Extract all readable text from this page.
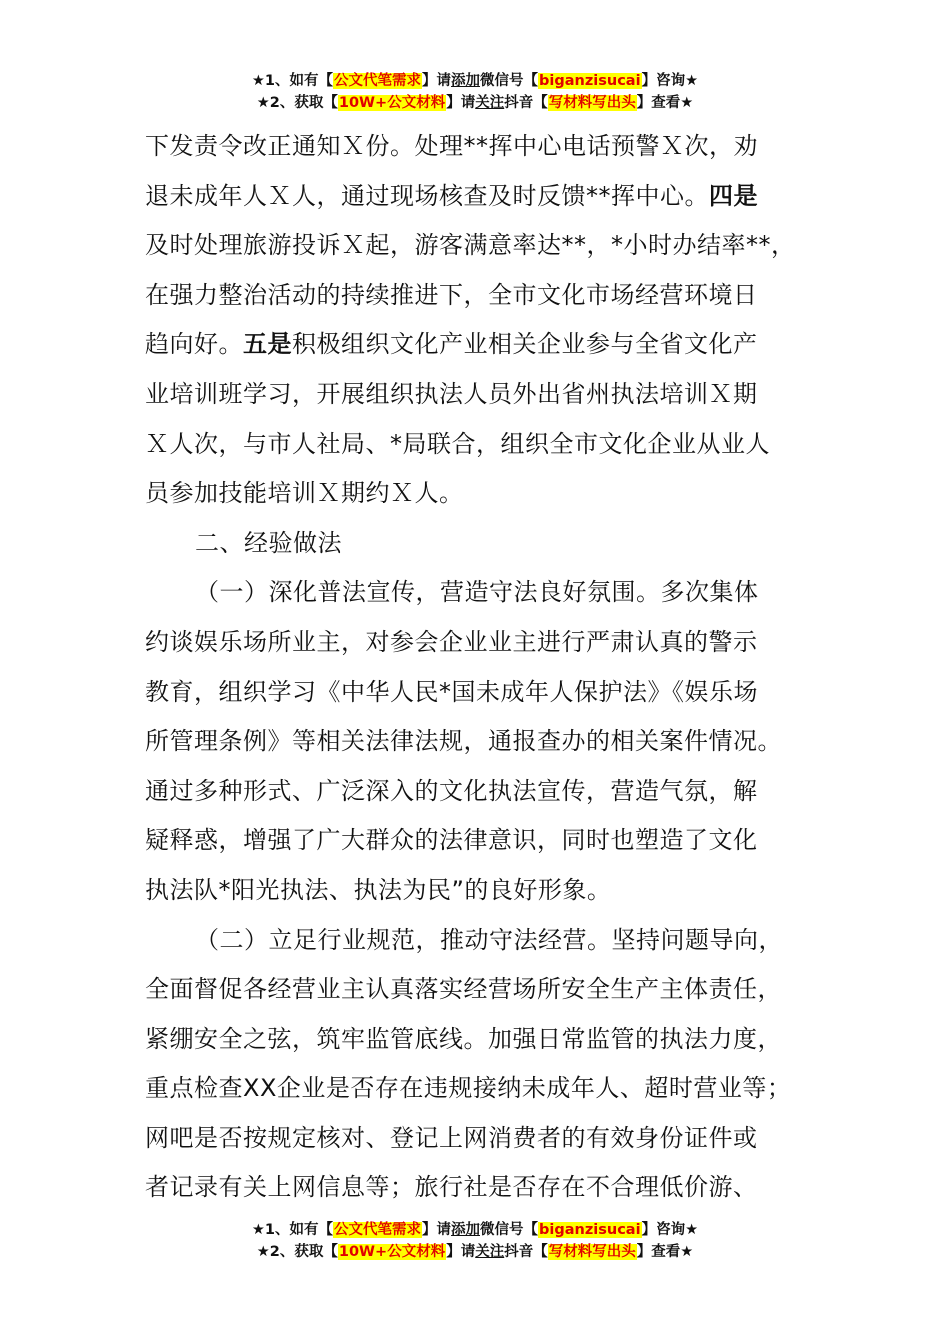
★1、如有【公文代笔需求】请添加微信号【biganzisucai】咨询★
★2、获取【10W+公文材料】请关注抖音【写材料写出头】查看★
下发责令改正通知Ｘ份。处理**挥中心电话预警Ｘ次，劝
退未成年人Ｘ人，通过现场核查及时反馈**挥中心。四是
及时处理旅游投诉Ｘ起，游客满意率达**，*小时办结率**，
在强力整治活动的持续推进下，全市文化市场经营环境日
趋向好。五是积极组织文化产业相关企业参与全省文化产
业培训班学习，开展组织执法人员外出省州执法培训Ｘ期
Ｘ人次，与市人社局、*局联合，组织全市文化企业从业人
员参加技能培训Ｘ期约Ｘ人。
二、经验做法
（一）深化普法宣传，营造守法良好氛围。多次集体
约谈娱乐场所业主，对参会企业业主进行严肃认真的警示
教育，组织学习《中华人民*国未成年人保护法》《娱乐场
所管理条例》等相关法律法规，通报查办的相关案件情况。
通过多种形式、广泛深入的文化执法宣传，营造气氛，解
疑释惑，增强了广大群众的法律意识，同时也塑造了文化
执法队*阳光执法、执法为民”的良好形象。
（二）立足行业规范，推动守法经营。坚持问题导向，
全面督促各经营业主认真落实经营场所安全生产主体责任，
紧绷安全之弦，筑牢监管底线。加强日常监管的执法力度，
重点检查XX企业是否存在违规接纳未成年人、超时营业等；
网吧是否按规定核对、登记上网消费者的有效身份证件或
者记录有关上网信息等；旅行社是否存在不合理低价游、
★1、如有【公文代笔需求】请添加微信号【biganzisucai】咨询★
★2、获取【10W+公文材料】请关注抖音【写材料写出头】查看★
